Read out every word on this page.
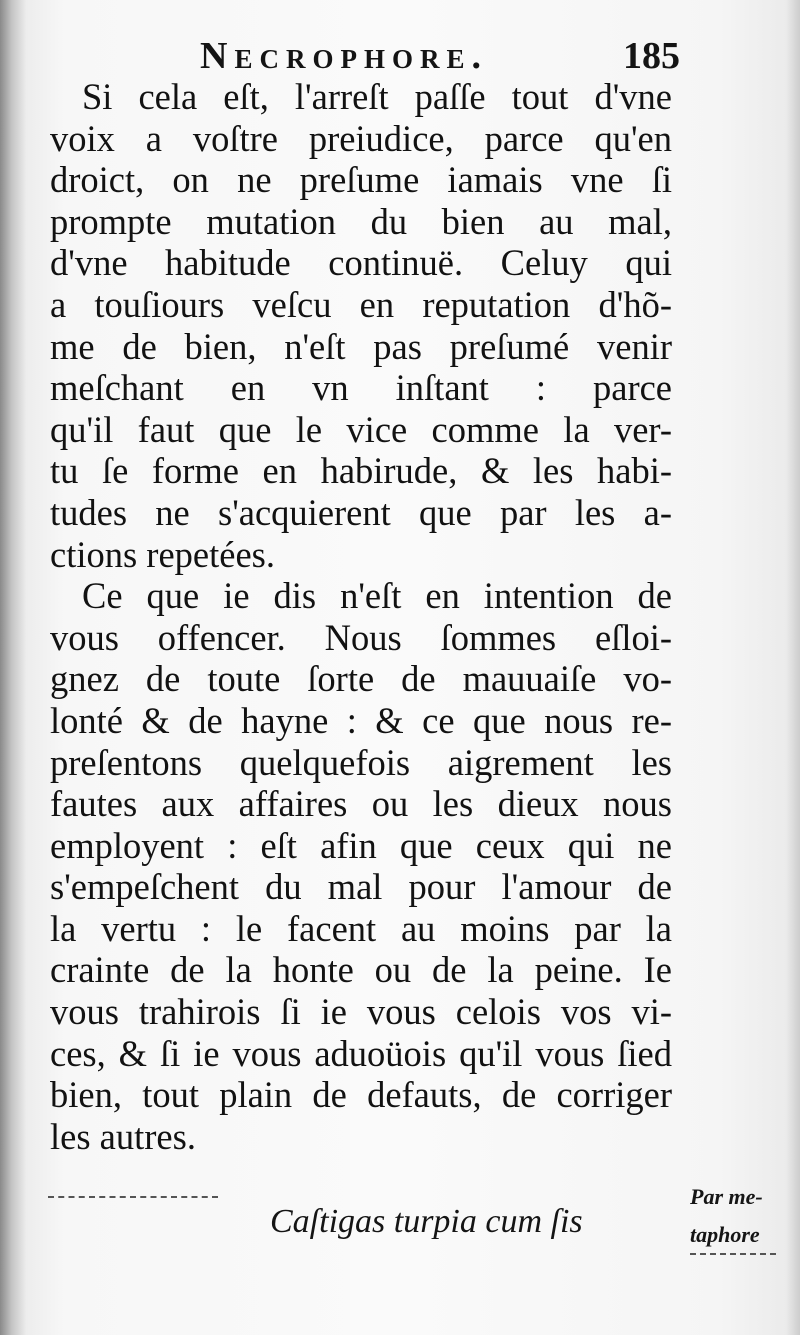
Necrophore.	185
Si cela eſt, l'arreſt paſſe tout d'vne
voix a voſtre preiudice, parce qu'en
droict, on ne preſume iamais vne ſi
prompte mutation du bien au mal,
d'vne habitude continuë. Celuy qui
a touſiours veſcu en reputation d'hõ-
me de bien, n'eſt pas preſumé venir
meſchant en vn inſtant : parce
qu'il faut que le vice comme la ver-
tu ſe forme en habirude, & les habi-
tudes ne s'acquierent que par les a-
ctions repetées.
Ce que ie dis n'eſt en intention de
vous offencer. Nous ſommes eſloi-
gnez de toute ſorte de mauuaiſe vo-
lonté & de hayne : & ce que nous re-
preſentons quelquefois aigrement les
fautes aux affaires ou les dieux nous
employent : eſt afin que ceux qui ne
s'empeſchent du mal pour l'amour de
la vertu : le facent au moins par la
crainte de la honte ou de la peine. Ie
vous trahirois ſi ie vous celois vos vi-
ces, & ſi ie vous aduoüois qu'il vous ſied
bien, tout plain de defauts, de corriger
les autres.
Caſtigas turpia cum ſis
Par me-
taphore
